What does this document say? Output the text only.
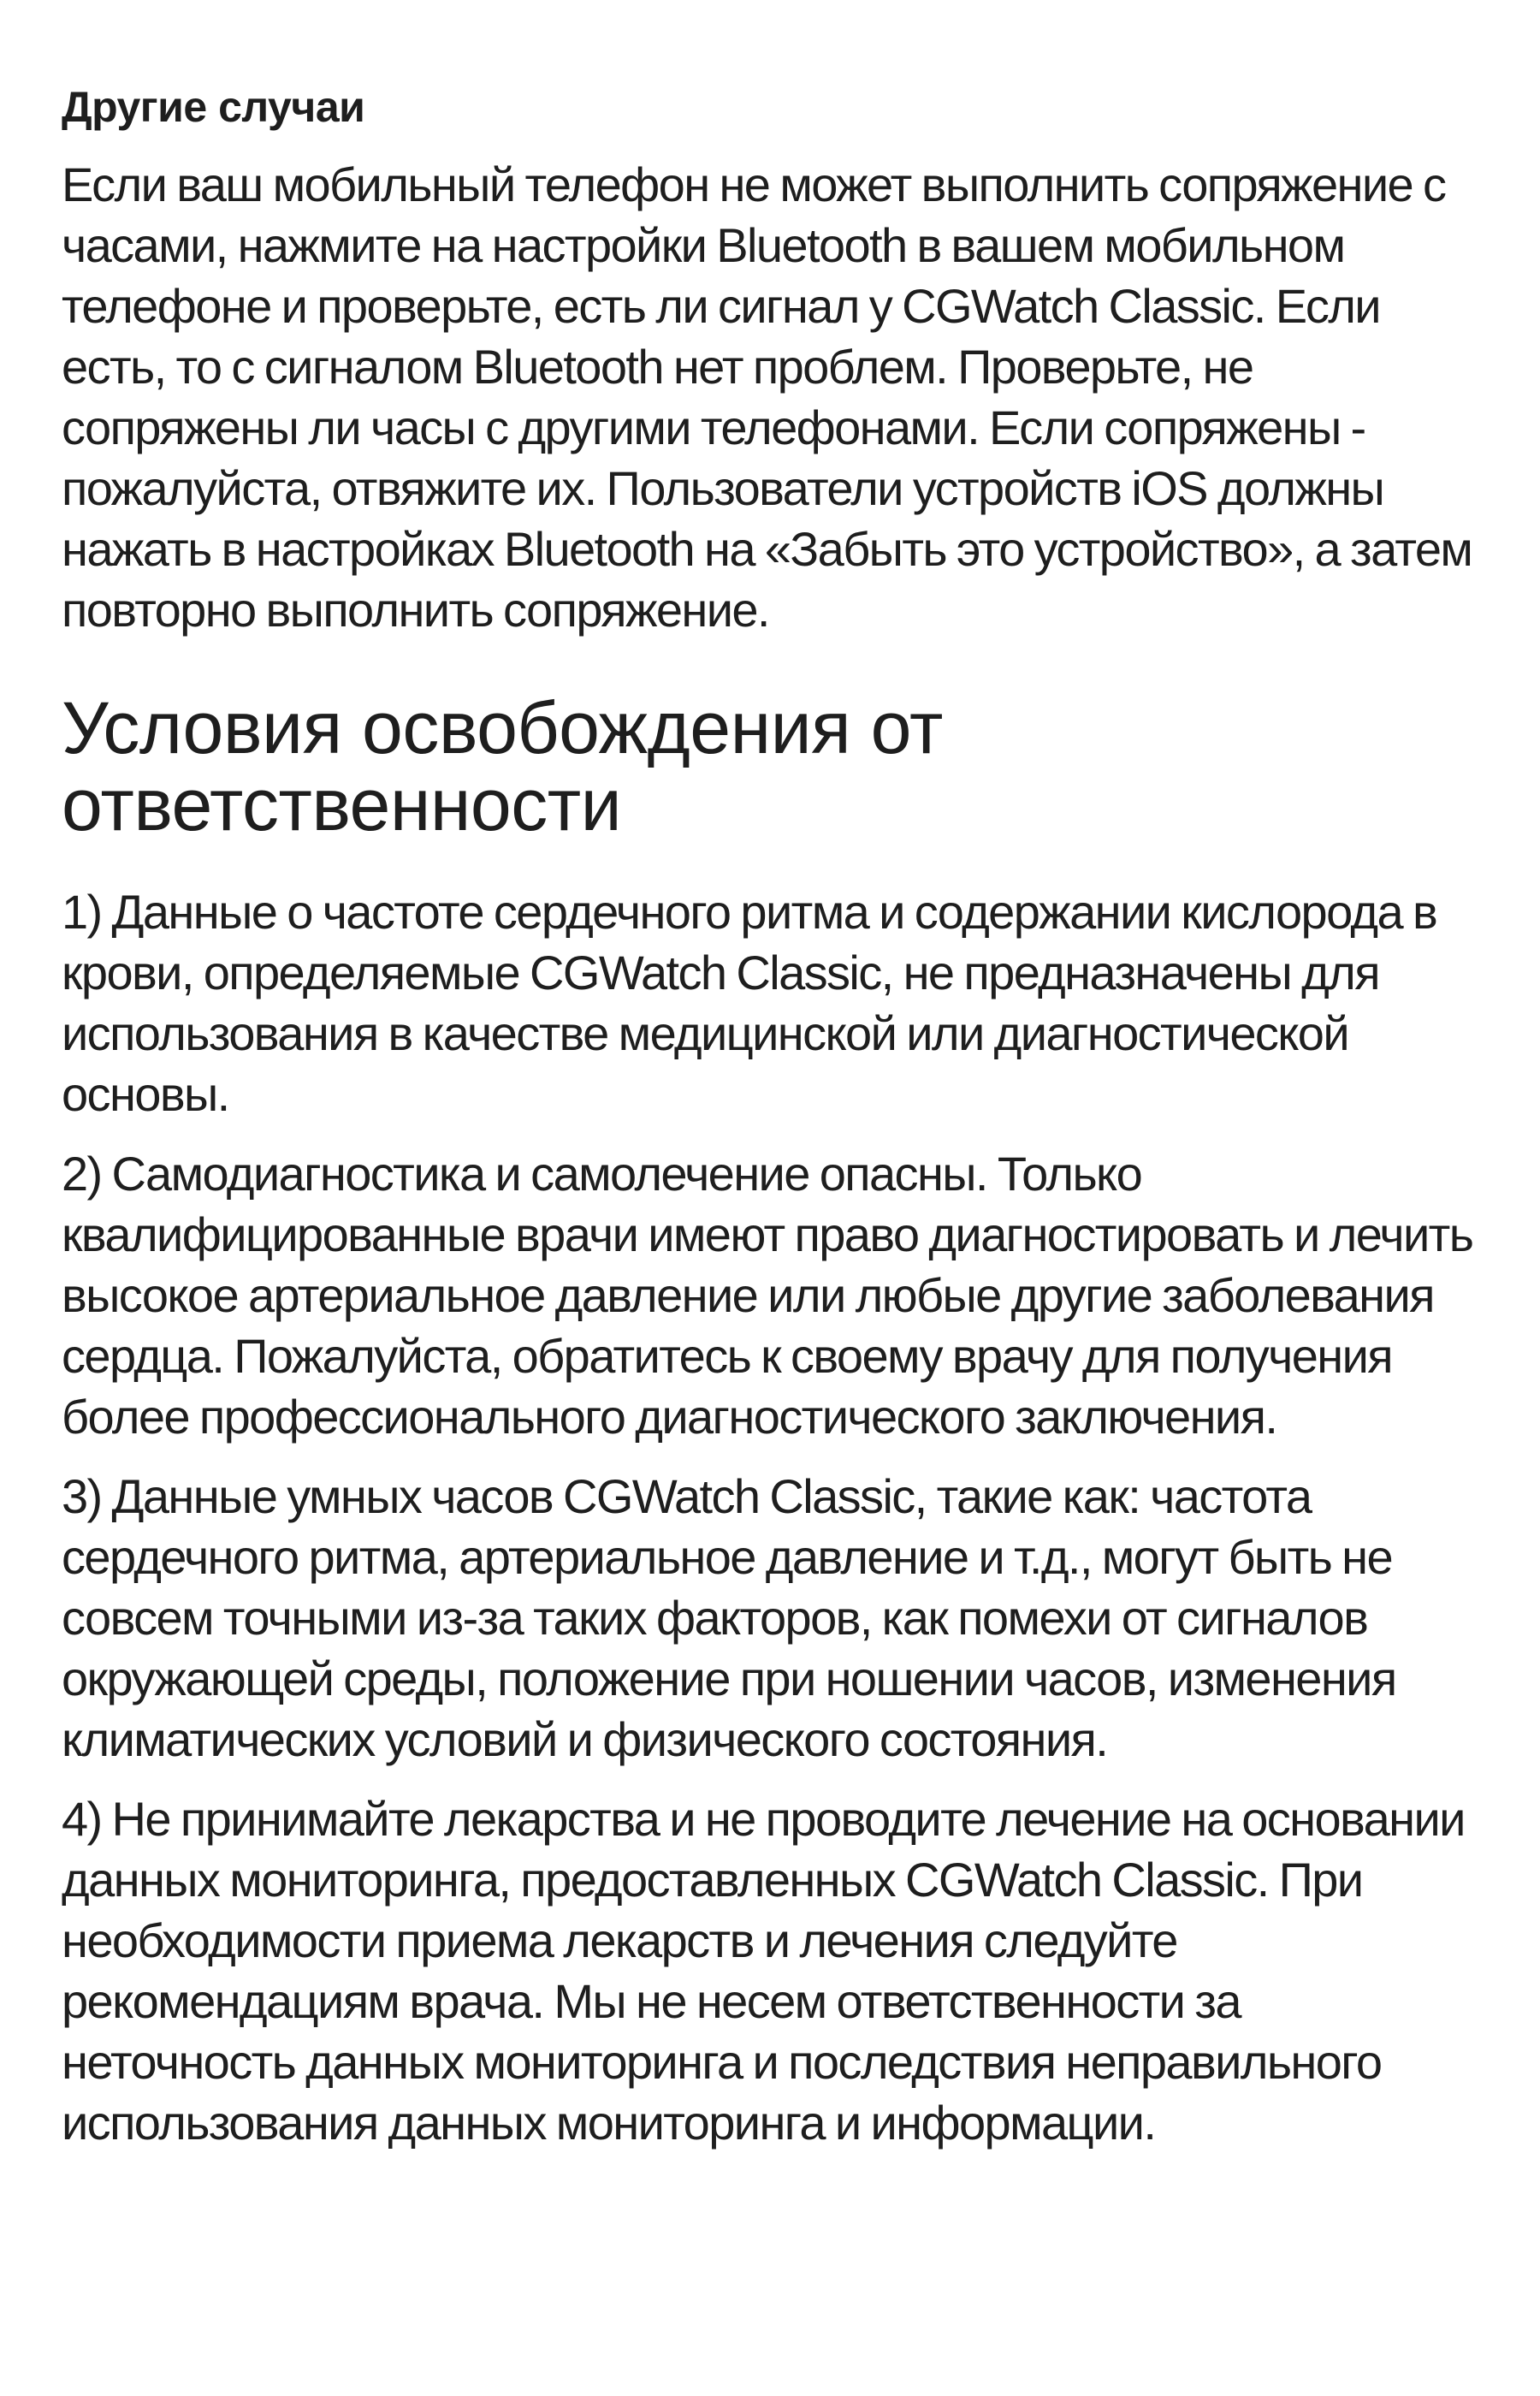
Другие случаи

Если ваш мобильный телефон не может выполнить сопряжение с часами, нажмите на настройки Bluetooth в вашем мобильном телефоне и проверьте, есть ли сигнал у CGWatch Classic. Если есть, то с сигналом Bluetooth нет проблем. Проверьте, не сопряжены ли часы с другими телефонами. Если сопряжены - пожалуйста, отвяжите их. Пользователи устройств iOS должны нажать в настройках Bluetooth на «Забыть это устройство», а затем повторно выполнить сопряжение.

Условия освобождения от ответственности

1) Данные о частоте сердечного ритма и содержании кислорода в крови, определяемые CGWatch Classic, не предназначены для использования в качестве медицинской или диагностической основы.

2) Самодиагностика и самолечение опасны. Только квалифицированные врачи имеют право диагностировать и лечить высокое артериальное давление или любые другие заболевания сердца. Пожалуйста, обратитесь к своему врачу для получения более профессионального диагностического заключения.

3) Данные умных часов CGWatch Classic, такие как: частота сердечного ритма, артериальное давление и т.д., могут быть не совсем точными из-за таких факторов, как помехи от сигналов окружающей среды, положение при ношении часов, изменения климатических условий и физического состояния.

4) Не принимайте лекарства и не проводите лечение на основании данных мониторинга, предоставленных CGWatch Classic. При необходимости приема лекарств и лечения следуйте рекомендациям врача. Мы не несем ответственности за неточность данных мониторинга и последствия неправильного использования данных мониторинга и информации.
